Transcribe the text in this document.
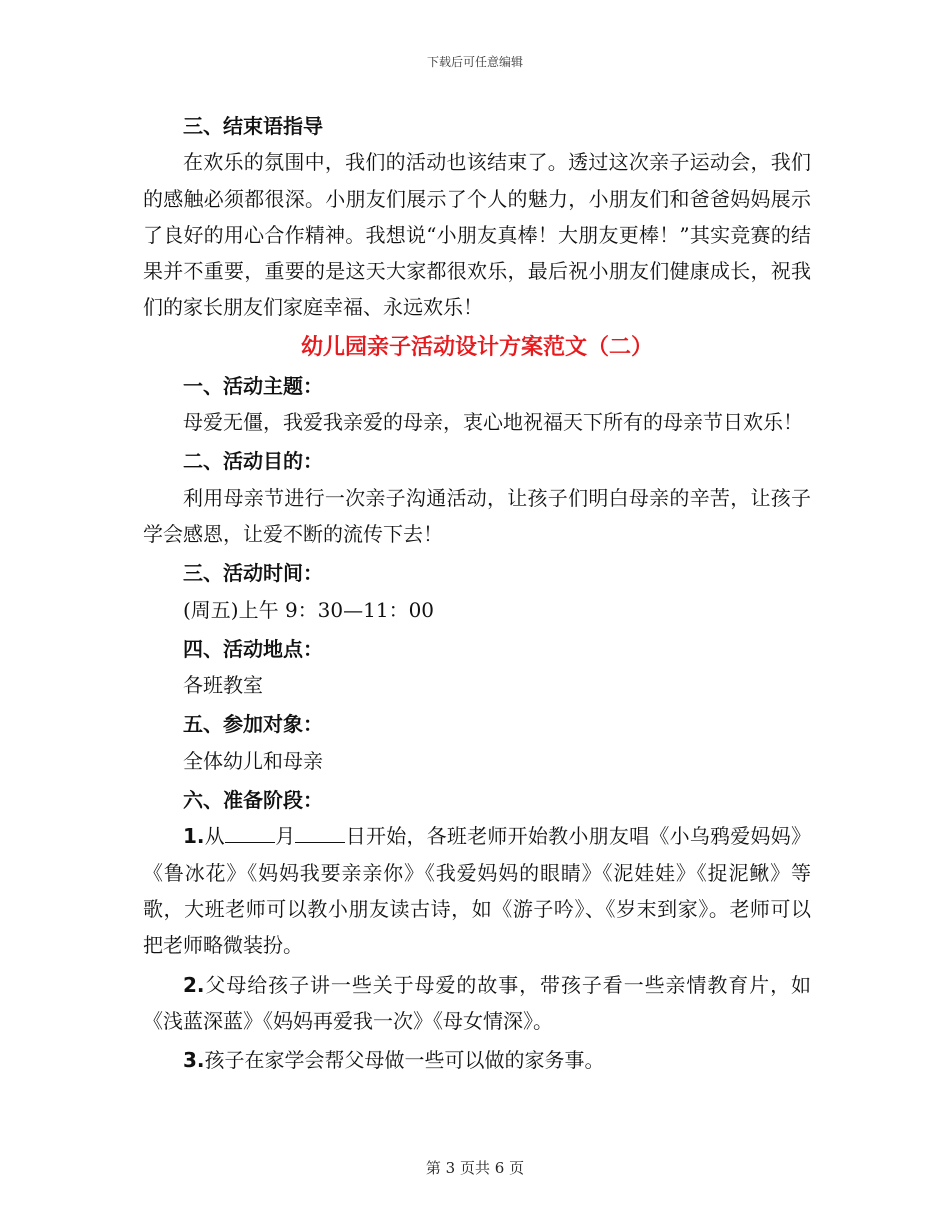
下载后可任意编辑

三、结束语指导

在欢乐的氛围中，我们的活动也该结束了。透过这次亲子运动会，我们的感触必须都很深。小朋友们展示了个人的魅力，小朋友们和爸爸妈妈展示了良好的用心合作精神。我想说“小朋友真棒！大朋友更棒！”其实竞赛的结果并不重要，重要的是这天大家都很欢乐，最后祝小朋友们健康成长，祝我们的家长朋友们家庭幸福、永远欢乐！

幼儿园亲子活动设计方案范文（二）

一、活动主题：

母爱无僵，我爱我亲爱的母亲，衷心地祝福天下所有的母亲节日欢乐！

二、活动目的：

利用母亲节进行一次亲子沟通活动，让孩子们明白母亲的辛苦，让孩子学会感恩，让爱不断的流传下去！

三、活动时间：

(周五)上午 9：30—11：00

四、活动地点：

各班教室

五、参加对象：

全体幼儿和母亲

六、准备阶段：

1.从	月	日开始，各班老师开始教小朋友唱《小乌鸦爱妈妈》《鲁冰花》《妈妈我要亲亲你》《我爱妈妈的眼睛》《泥娃娃》《捉泥鳅》等歌，大班老师可以教小朋友读古诗，如《游子吟》、《岁末到家》。老师可以把老师略微装扮。

2.父母给孩子讲一些关于母爱的故事，带孩子看一些亲情教育片，如《浅蓝深蓝》《妈妈再爱我一次》《母女情深》。

3.孩子在家学会帮父母做一些可以做的家务事。

第 3 页共 6 页
